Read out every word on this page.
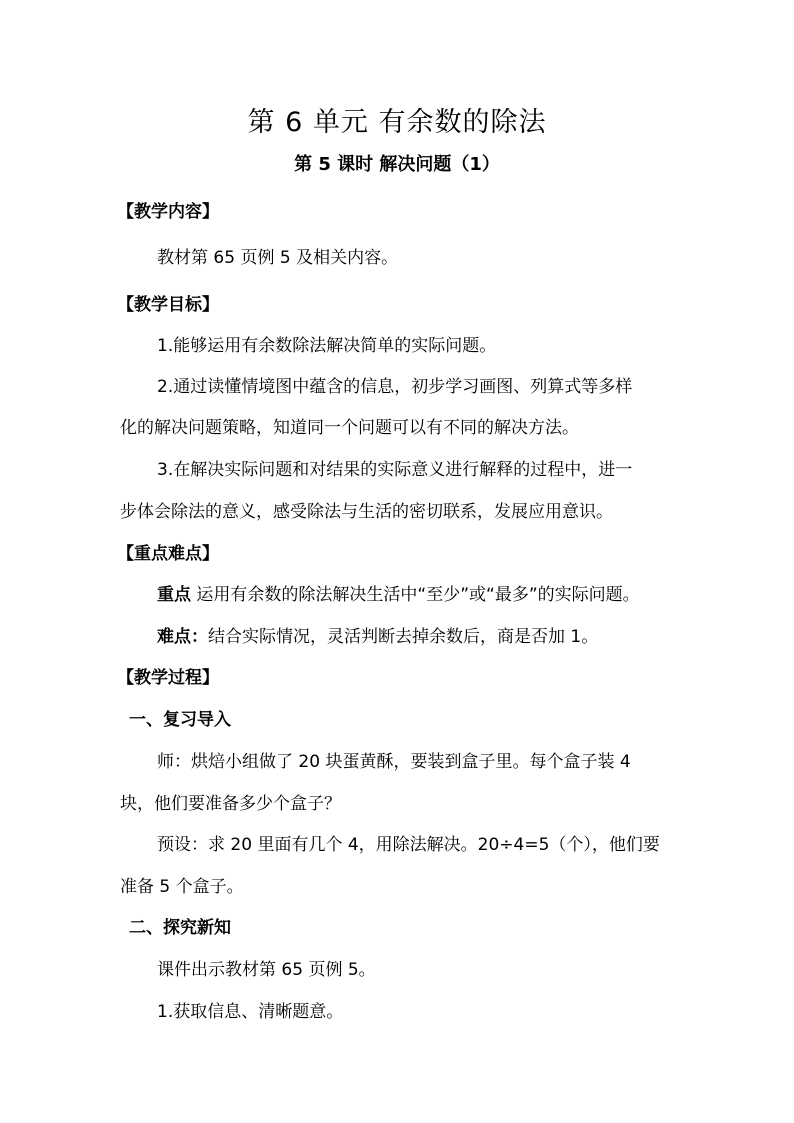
第 6 单元 有余数的除法
第 5 课时 解决问题（1）
【教学内容】
教材第 65 页例 5 及相关内容。
【教学目标】
1.能够运用有余数除法解决简单的实际问题。
2.通过读懂情境图中蕴含的信息，初步学习画图、列算式等多样
化的解决问题策略，知道同一个问题可以有不同的解决方法。
3.在解决实际问题和对结果的实际意义进行解释的过程中，进一
步体会除法的意义，感受除法与生活的密切联系，发展应用意识。
【重点难点】
重点 运用有余数的除法解决生活中“至少”或“最多”的实际问题。
难点：结合实际情况，灵活判断去掉余数后，商是否加 1。
【教学过程】
一、复习导入
师：烘焙小组做了 20 块蛋黄酥，要装到盒子里。每个盒子装 4
块，他们要准备多少个盒子？
预设：求 20 里面有几个 4，用除法解决。20÷4=5（个），他们要
准备 5 个盒子。
二、探究新知
课件出示教材第 65 页例 5。
1.获取信息、清晰题意。
